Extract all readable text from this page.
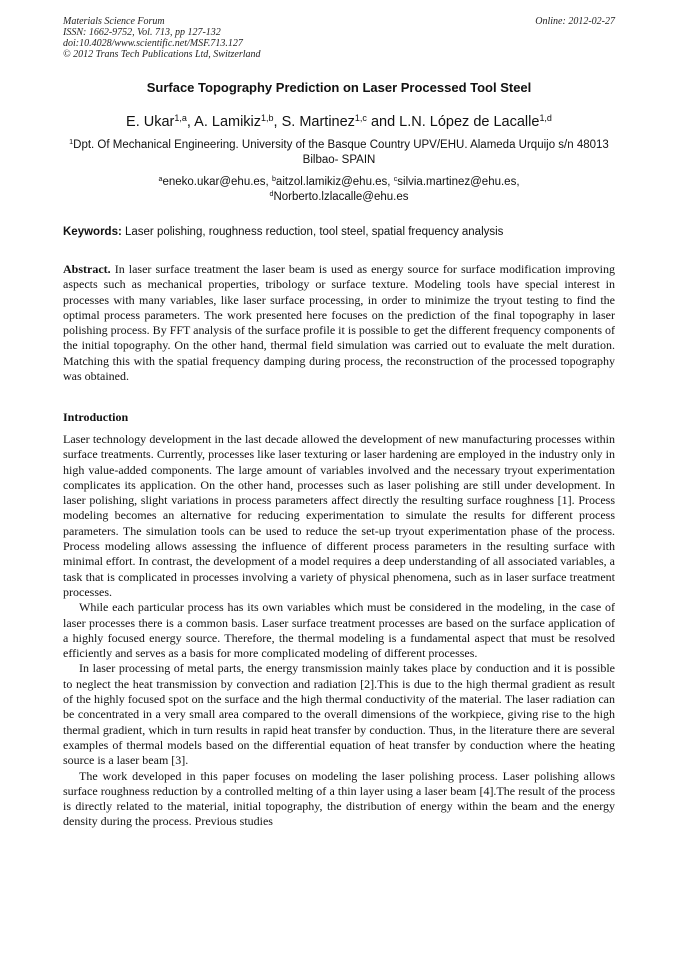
Materials Science Forum
ISSN: 1662-9752, Vol. 713, pp 127-132
doi:10.4028/www.scientific.net/MSF.713.127
© 2012 Trans Tech Publications Ltd, Switzerland
Online: 2012-02-27
Surface Topography Prediction on Laser Processed Tool Steel
E. Ukar$^{1,a}$, A. Lamikiz$^{1,b}$, S. Martinez$^{1,c}$ and L.N. López de Lacalle$^{1,d}$
$^1$Dpt. Of Mechanical Engineering. University of the Basque Country UPV/EHU. Alameda Urquijo s/n 48013 Bilbao- SPAIN
$^a$eneko.ukar@ehu.es, $^b$aitzol.lamikiz@ehu.es, $^c$silvia.martinez@ehu.es,
$^d$Norberto.lzlacalle@ehu.es
Keywords: Laser polishing, roughness reduction, tool steel, spatial frequency analysis
Abstract. In laser surface treatment the laser beam is used as energy source for surface modification improving aspects such as mechanical properties, tribology or surface texture. Modeling tools have special interest in processes with many variables, like laser surface processing, in order to minimize the tryout testing to find the optimal process parameters. The work presented here focuses on the prediction of the final topography in laser polishing process. By FFT analysis of the surface profile it is possible to get the different frequency components of the initial topography. On the other hand, thermal field simulation was carried out to evaluate the melt duration. Matching this with the spatial frequency damping during process, the reconstruction of the processed topography was obtained.
Introduction

Laser technology development in the last decade allowed the development of new manufacturing processes within surface treatments. Currently, processes like laser texturing or laser hardening are employed in the industry only in high value-added components. The large amount of variables involved and the necessary tryout experimentation complicates its application. On the other hand, processes such as laser polishing are still under development. In laser polishing, slight variations in process parameters affect directly the resulting surface roughness [1]. Process modeling becomes an alternative for reducing experimentation to simulate the results for different process parameters. The simulation tools can be used to reduce the set-up tryout experimentation phase of the process. Process modeling allows assessing the influence of different process parameters in the resulting surface with minimal effort. In contrast, the development of a model requires a deep understanding of all associated variables, a task that is complicated in processes involving a variety of physical phenomena, such as in laser surface treatment processes.

While each particular process has its own variables which must be considered in the modeling, in the case of laser processes there is a common basis. Laser surface treatment processes are based on the surface application of a highly focused energy source. Therefore, the thermal modeling is a fundamental aspect that must be resolved efficiently and serves as a basis for more complicated modeling of different processes.

In laser processing of metal parts, the energy transmission mainly takes place by conduction and it is possible to neglect the heat transmission by convection and radiation [2].This is due to the high thermal gradient as result of the highly focused spot on the surface and the high thermal conductivity of the material. The laser radiation can be concentrated in a very small area compared to the overall dimensions of the workpiece, giving rise to the high thermal gradient, which in turn results in rapid heat transfer by conduction. Thus, in the literature there are several examples of thermal models based on the differential equation of heat transfer by conduction where the heating source is a laser beam [3].

The work developed in this paper focuses on modeling the laser polishing process. Laser polishing allows surface roughness reduction by a controlled melting of a thin layer using a laser beam [4].The result of the process is directly related to the material, initial topography, the distribution of energy within the beam and the energy density during the process. Previous studies
